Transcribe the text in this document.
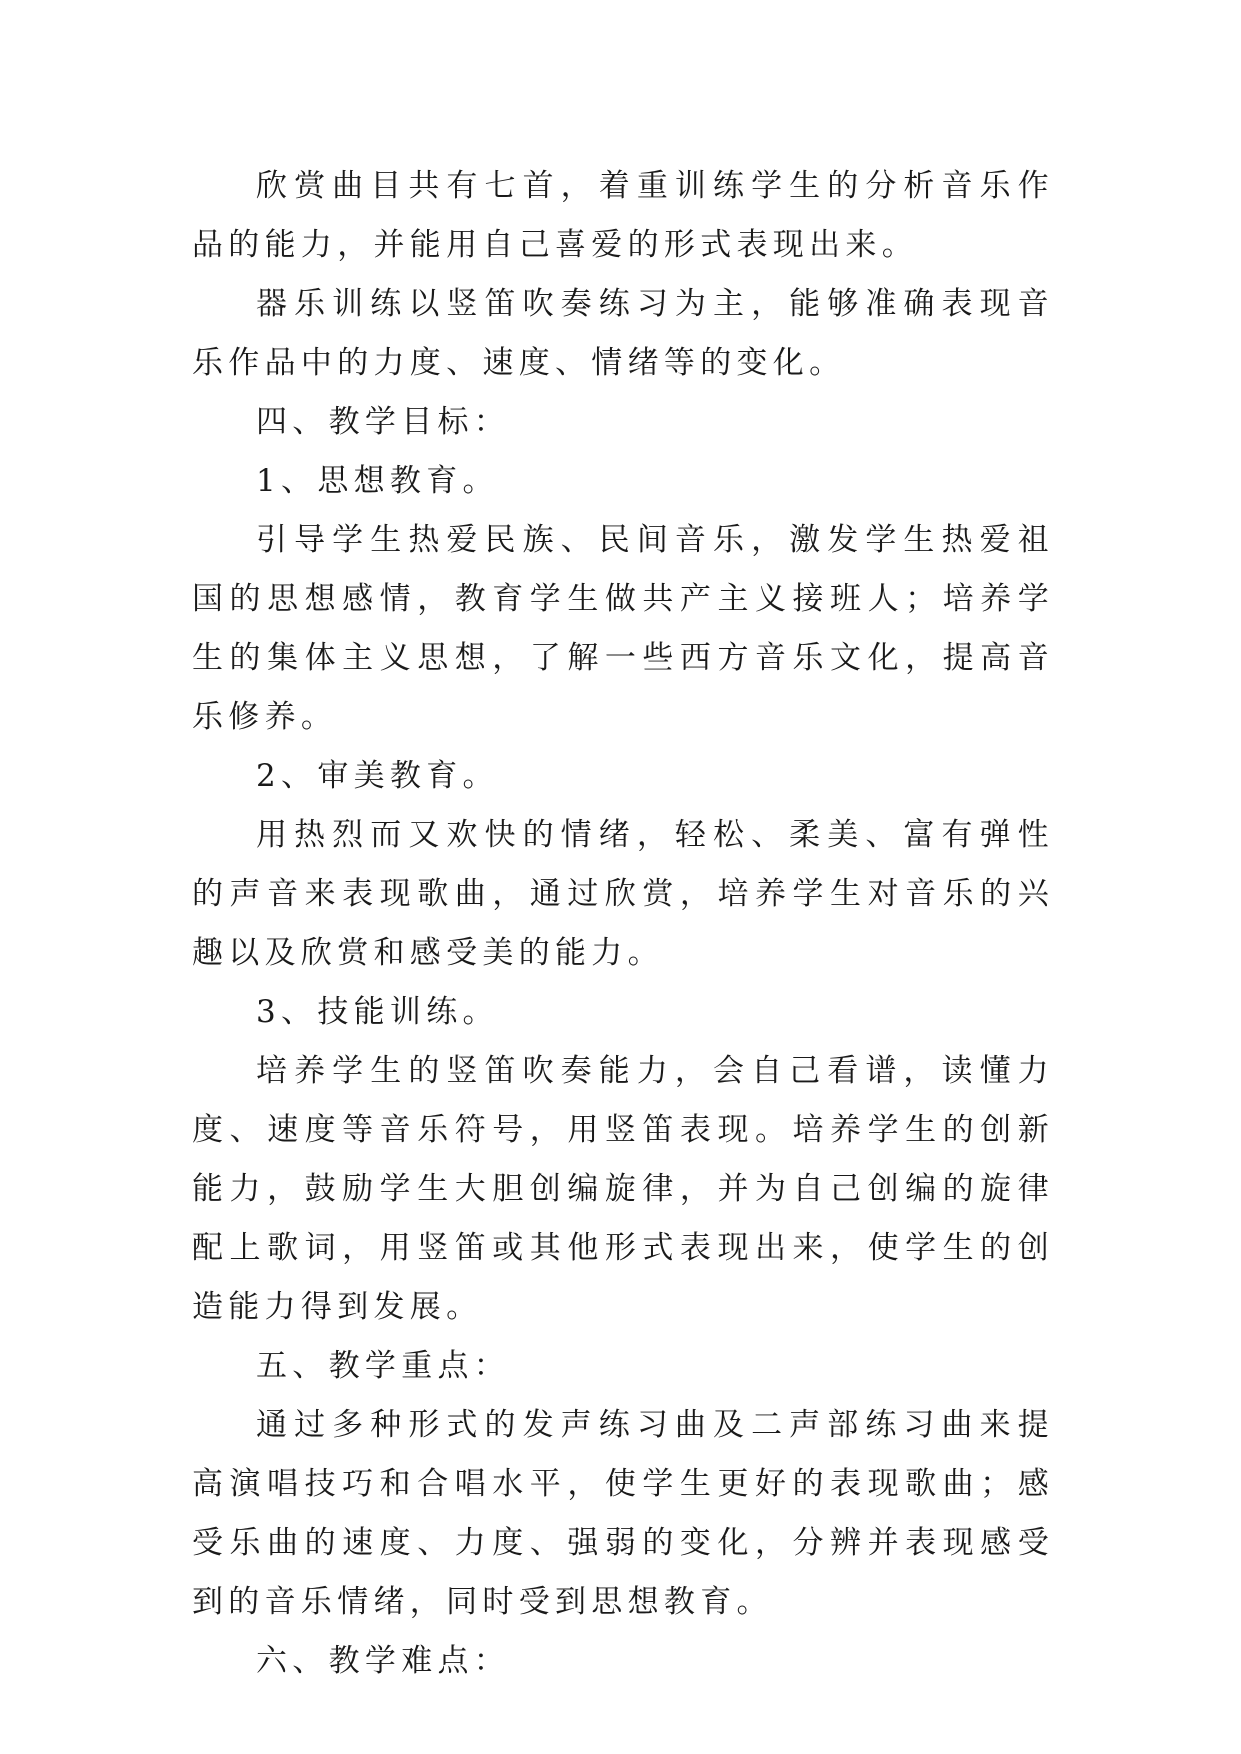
欣赏曲目共有七首，着重训练学生的分析音乐作品的能力，并能用自己喜爱的形式表现出来。

器乐训练以竖笛吹奏练习为主，能够准确表现音乐作品中的力度、速度、情绪等的变化。

四、教学目标：

1、思想教育。

引导学生热爱民族、民间音乐，激发学生热爱祖国的思想感情，教育学生做共产主义接班人；培养学生的集体主义思想，了解一些西方音乐文化，提高音乐修养。

2、审美教育。

用热烈而又欢快的情绪，轻松、柔美、富有弹性的声音来表现歌曲，通过欣赏，培养学生对音乐的兴趣以及欣赏和感受美的能力。

3、技能训练。

培养学生的竖笛吹奏能力，会自己看谱，读懂力度、速度等音乐符号，用竖笛表现。培养学生的创新能力，鼓励学生大胆创编旋律，并为自己创编的旋律配上歌词，用竖笛或其他形式表现出来，使学生的创造能力得到发展。

五、教学重点：

通过多种形式的发声练习曲及二声部练习曲来提高演唱技巧和合唱水平，使学生更好的表现歌曲；感受乐曲的速度、力度、强弱的变化，分辨并表现感受到的音乐情绪，同时受到思想教育。

六、教学难点：
